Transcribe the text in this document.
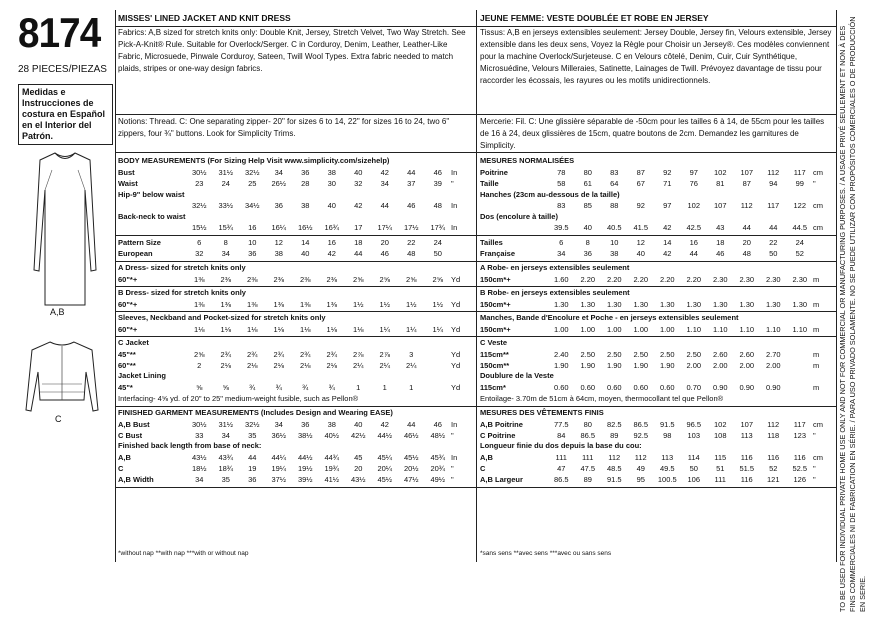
8174
28 PIECES/PIEZAS
Medidas e Instrucciones de costura en Español en el Interior del Patrón.
A,B
C
MISSES' LINED JACKET AND KNIT DRESS
Fabrics: A,B sized for stretch knits only: Double Knit, Jersey, Stretch Velvet, Two Way Stretch. See Pick-A-Knit® Rule. Suitable for Overlock/Serger. C in Corduroy, Denim, Leather, Leather-Like Fabric, Microsuede, Pinwale Corduroy, Sateen, Twill Wool Types. Extra fabric needed to match plaids, stripes or one-way design fabrics.
Notions: Thread. C: One separating zipper- 20" for sizes 6 to 14, 22" for sizes 16 to 24, two 6" zippers, four ¾" buttons. Look for Simplicity Trims.
BODY MEASUREMENTS (For Sizing Help Visit www.simplicity.com/sizehelp)
Bust	30½	31½	32½	34	36	38	40	42	44	46	In
Waist	23	24	25	26½	28	30	32	34	37	39	"
Hip-9" below waist											
	32½	33½	34½	36	38	40	42	44	46	48	In
Back-neck to waist											
	15½	15¾	16	16¼	16½	16¾	17	17¼	17½	17¾	In
Pattern Size	6	8	10	12	14	16	18	20	22	24	
European	32	34	36	38	40	42	44	46	48	50	
A Dress- sized for stretch knits only
60"*+	1⅜	2⅜	2⅜	2⅜	2⅜	2⅜	2⅝	2⅝	2⅝	2⅝	Yd
B Dress- sized for stretch knits only
60"*+	1⅜	1⅜	1⅜	1⅜	1⅜	1⅜	1½	1½	1½	1½	Yd
Sleeves, Neckband and Pocket-sized for stretch knits only
60"*+	1⅛	1⅛	1⅛	1⅛	1⅛	1⅛	1⅛	1¼	1¼	1¼	Yd
C Jacket
45"**	2⅝	2¾	2¾	2¾	2¾	2¾	2⅞	2⅞	3		Yd
60"**	2	2⅛	2⅛	2⅛	2⅛	2⅛	2¼	2¼	2¼		Yd
Jacket Lining
45"*	⅝	⅝	¾	¾	¾	¾	1	1	1		Yd
Interfacing- 4⅝ yd. of 20" to 25" medium-weight fusible, such as Pellon®
FINISHED GARMENT MEASUREMENTS (Includes Design and Wearing EASE)
A,B Bust	30½	31½	32½	34	36	38	40	42	44	46	In
C Bust	33	34	35	36½	38½	40½	42½	44½	46½	48½	"
Finished back length from base of neck:
A,B	43½	43¾	44	44¼	44½	44¾	45	45¼	45½	45¾	In
C	18½	18¾	19	19¼	19½	19¾	20	20¼	20½	20¾	"
A,B Width	34	35	36	37½	39½	41½	43½	45½	47½	49½	"
*without nap **with nap ***with or without nap
JEUNE FEMME: VESTE DOUBLÉE ET ROBE EN JERSEY
Tissus: A,B en jerseys extensibles seulement: Jersey Double, Jersey fin, Velours extensible, Jersey extensible dans les deux sens, Voyez la Règle pour Choisir un Jersey®. Ces modèles conviennent pour la machine Overlock/Surjeteuse. C en Velours côtelé, Denim, Cuir, Cuir Synthétique, Microsuédine, Velours Milleraies, Satinette, Lainages de Twill. Prévoyez davantage de tissu pour raccorder les écossais, les rayures ou les motifs unidirectionnels.
Mercerie: Fil. C: Une glissière séparable de -50cm pour les tailles 6 à 14, de 55cm pour les tailles de 16 à 24, deux glissières de 15cm, quatre boutons de 2cm. Demandez les garnitures de Simplicity.
MESURES NORMALISÉES
Poitrine	78	80	83	87	92	97	102	107	112	117	cm
Taille	58	61	64	67	71	76	81	87	94	99	"
Hanches (23cm au-dessous de la taille)											
	83	85	88	92	97	102	107	112	117	122	cm
Dos (encolure à taille)											
	39.5	40	40.5	41.5	42	42.5	43	44	44	44.5	cm
Tailles	6	8	10	12	14	16	18	20	22	24	
Française	34	36	38	40	42	44	46	48	50	52	
A Robe- en jerseys extensibles seulement
150cm*+	1.60	2.20	2.20	2.20	2.20	2.20	2.30	2.30	2.30	2.30	m
B Robe- en jerseys extensibles seulement
150cm*+	1.30	1.30	1.30	1.30	1.30	1.30	1.30	1.30	1.30	1.30	m
Manches, Bande d'Encolure et Poche - en jerseys extensibles seulement
150cm*+	1.00	1.00	1.00	1.00	1.00	1.10	1.10	1.10	1.10	1.10	m
C Veste
115cm**	2.40	2.50	2.50	2.50	2.50	2.50	2.60	2.60	2.70		m
150cm**	1.90	1.90	1.90	1.90	1.90	2.00	2.00	2.00	2.00		m
Doublure de la Veste
115cm*	0.60	0.60	0.60	0.60	0.60	0.70	0.90	0.90	0.90		m
Entoilage- 3.70m de 51cm à 64cm, moyen, thermocollant tel que Pellon®
MESURES DES VÊTEMENTS FINIS
A,B Poitrine	77.5	80	82.5	86.5	91.5	96.5	102	107	112	117	cm
C Poitrine	84	86.5	89	92.5	98	103	108	113	118	123	"
Longueur finie du dos depuis la base du cou:
A,B	111	111	112	112	113	114	115	116	116	116	cm
C	47	47.5	48.5	49	49.5	50	51	51.5	52	52.5	"
A,B Largeur	86.5	89	91.5	95	100.5	106	111	116	121	126	"
*sans sens **avec sens ***avec ou sans sens	TO BE USED FOR INDIVIDUAL PRIVATE HOME USE ONLY AND NOT FOR COMMERCIAL OR MANUFACTURING PURPOSES. / A USAGE PRIVÉ SEULEMENT ET NON À DES FINS COMMERCIALES NI DE FABRICATION EN SÉRIE. / PARA USO PRIVADO SOLAMENTE. NO SE PUEDE UTILIZAR CON PROPÓSITOS COMERCIALES O DE PRODUCCIÓN EN SERIE.
